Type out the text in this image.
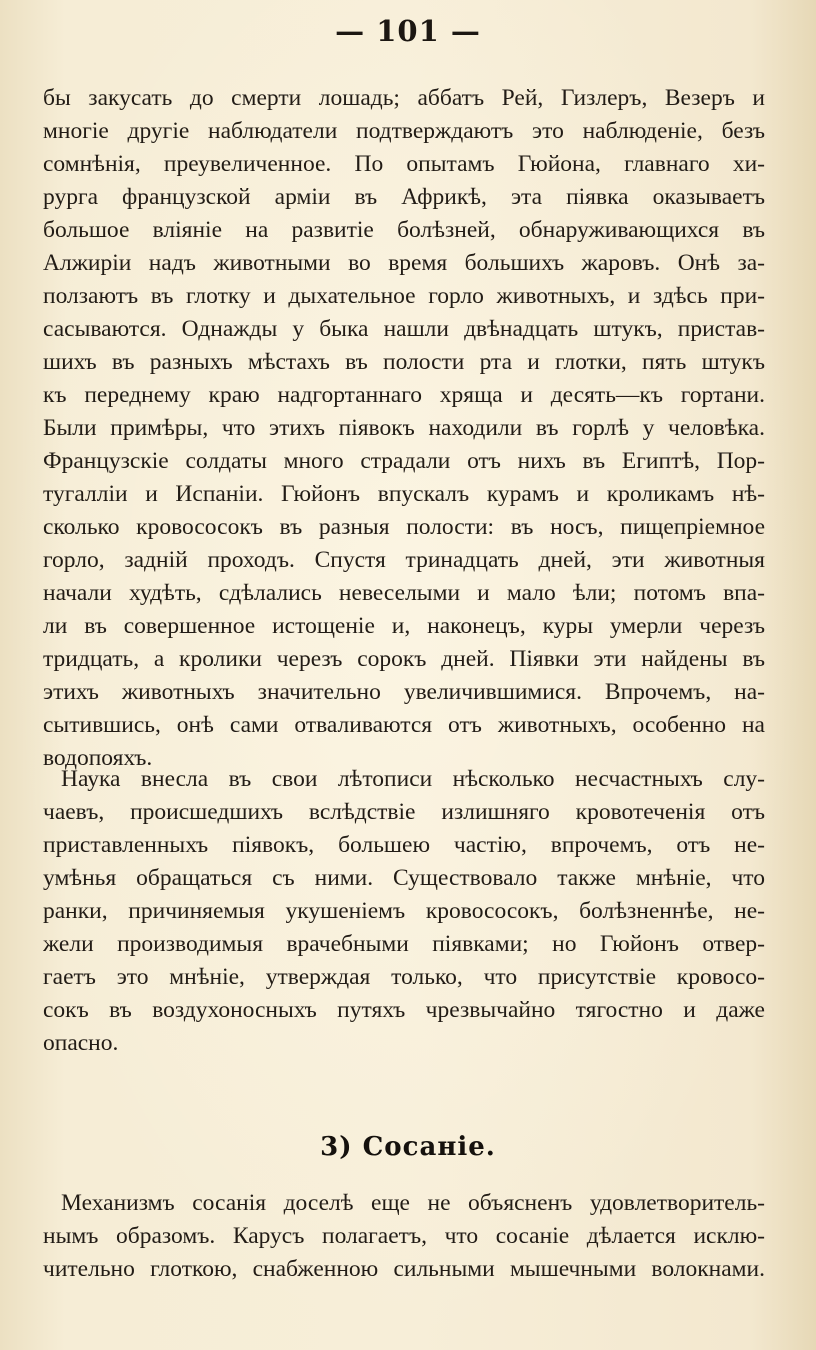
— 101 —
бы закусать до смерти лошадь; аббатъ Рей, Гизлеръ, Везеръ и
многіе другіе наблюдатели подтверждаютъ это наблюденіе, безъ
сомнѣнія, преувеличенное. По опытамъ Гюйона, главнаго хи-
рурга французской арміи въ Африкѣ, эта піявка оказываетъ
большое вліяніе на развитіе болѣзней, обнаруживающихся въ
Алжиріи надъ животными во время большихъ жаровъ. Онѣ за-
ползаютъ въ глотку и дыхательное горло животныхъ, и здѣсь при-
сасываются. Однажды у быка нашли двѣнадцать штукъ, пристав-
шихъ въ разныхъ мѣстахъ въ полости рта и глотки, пять штукъ
къ переднему краю надгортаннаго хряща и десять—къ гортани.
Были примѣры, что этихъ піявокъ находили въ горлѣ у человѣка.
Французскіе солдаты много страдали отъ нихъ въ Египтѣ, Пор-
тугалліи и Испаніи. Гюйонъ впускалъ курамъ и кроликамъ нѣ-
сколько кровососокъ въ разныя полости: въ носъ, пищепріемное
горло, задній проходъ. Спустя тринадцать дней, эти животныя
начали худѣть, сдѣлались невеселыми и мало ѣли; потомъ впа-
ли въ совершенное истощеніе и, наконецъ, куры умерли черезъ
тридцать, а кролики черезъ сорокъ дней. Піявки эти найдены въ
этихъ животныхъ значительно увеличившимися. Впрочемъ, на-
сытившись, онѣ сами отваливаются отъ животныхъ, особенно на
водопояхъ.
Наука внесла въ свои лѣтописи нѣсколько несчастныхъ слу-
чаевъ, происшедшихъ вслѣдствіе излишняго кровотеченія отъ
приставленныхъ піявокъ, большею частію, впрочемъ, отъ не-
умѣнья обращаться съ ними. Существовало также мнѣніе, что
ранки, причиняемыя укушеніемъ кровососокъ, болѣзненнѣе, не-
жели производимыя врачебными піявками; но Гюйонъ отвер-
гаетъ это мнѣніе, утверждая только, что присутствіе кровосо-
сокъ въ воздухоносныхъ путяхъ чрезвычайно тягостно и даже
опасно.
3) Сосаніе.
Механизмъ сосанія доселѣ еще не объясненъ удовлетворитель-
нымъ образомъ. Карусъ полагаетъ, что сосаніе дѣлается исклю-
чительно глоткою, снабженною сильными мышечными волокнами.
